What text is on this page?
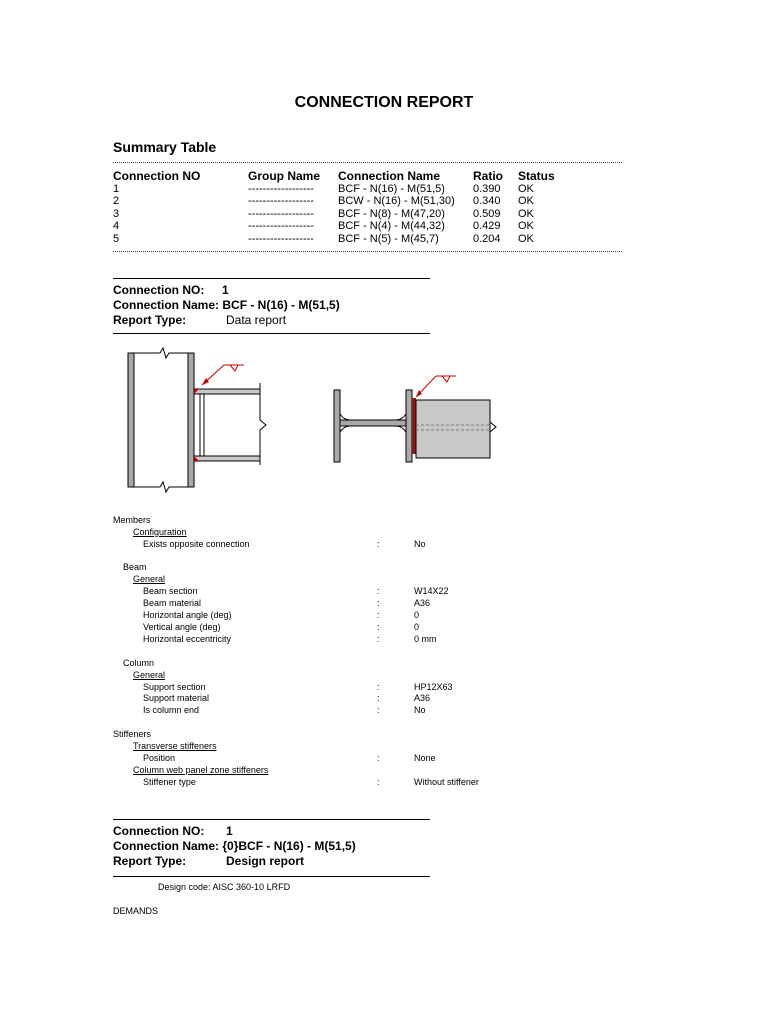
CONNECTION REPORT
Summary Table
Connection NO	Group Name	Connection Name	Ratio	Status
1	------------------	BCF - N(16) - M(51,5)	0.390	OK
2	------------------	BCW - N(16) - M(51,30)	0.340	OK
3	------------------	BCF - N(8) - M(47,20)	0.509	OK
4	------------------	BCF - N(4) - M(44,32)	0.429	OK
5	------------------	BCF - N(5) - M(45,7)	0.204	OK
Connection NO: 1
Connection Name: BCF - N(16) - M(51,5)
Report Type:	Data report
Members
Configuration
Exists opposite connection	:	No
Beam
General
Beam section	:	W14X22
Beam material	:	A36
Horizontal angle (deg)	:	0
Vertical angle (deg)	:	0
Horizontal eccentricity	:	0 mm
Column
General
Support section	:	HP12X63
Support material	:	A36
Is column end	:	No
Stiffeners
Transverse stiffeners
Position	:	None
Column web panel zone stiffeners
Stiffener type	:	Without stiffener
Connection NO: 1
Connection Name: {0}BCF - N(16) - M(51,5)
Report Type:	Design report
Design code: AISC 360-10 LRFD
DEMANDS
